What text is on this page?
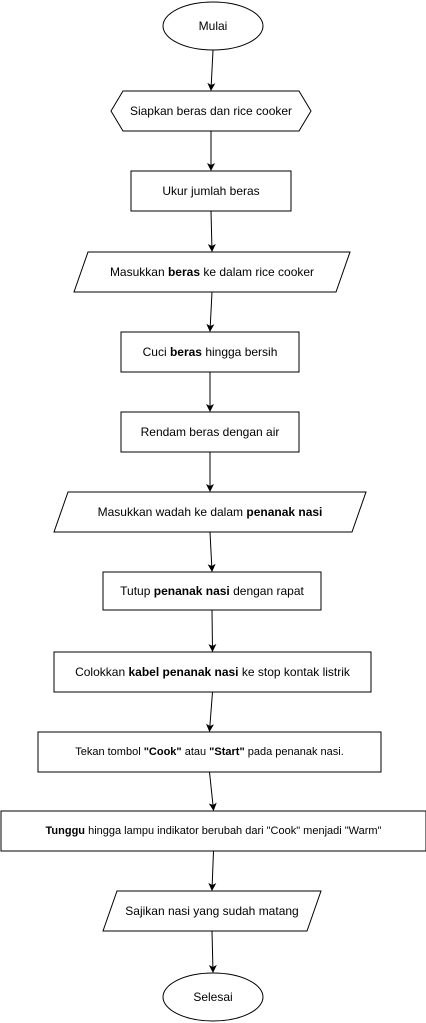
Mulai
Siapkan beras dan rice cooker
Ukur jumlah beras
Masukkan beras ke dalam rice cooker
Cuci beras hingga bersih
Rendam beras dengan air
Masukkan wadah ke dalam penanak nasi
Tutup penanak nasi dengan rapat
Colokkan kabel penanak nasi ke stop kontak listrik
Tekan tombol "Cook" atau "Start" pada penanak nasi.
Tunggu hingga lampu indikator berubah dari "Cook" menjadi "Warm"
Sajikan nasi yang sudah matang
Selesai
